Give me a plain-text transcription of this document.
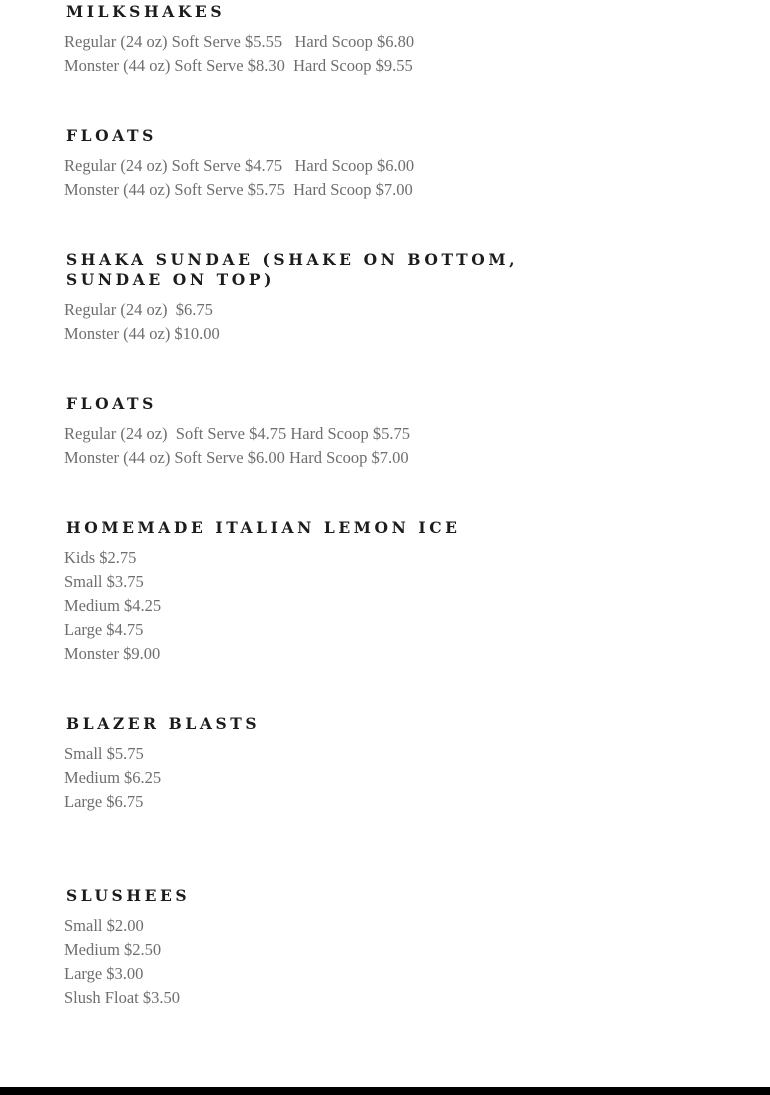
MILKSHAKES
Regular (24 oz) Soft Serve $5.55   Hard Scoop $6.80
Monster (44 oz) Soft Serve $8.30  Hard Scoop $9.55
FLOATS
Regular (24 oz) Soft Serve $4.75   Hard Scoop $6.00
Monster (44 oz) Soft Serve $5.75  Hard Scoop $7.00
SHAKA SUNDAE (SHAKE ON BOTTOM, SUNDAE ON TOP)
Regular (24 oz)  $6.75
Monster (44 oz) $10.00
FLOATS
Regular (24 oz)  Soft Serve $4.75 Hard Scoop $5.75
Monster (44 oz) Soft Serve $6.00 Hard Scoop $7.00
HOMEMADE ITALIAN LEMON ICE
Kids $2.75
Small $3.75
Medium $4.25
Large $4.75
Monster $9.00
BLAZER BLASTS
Small $5.75
Medium $6.25
Large $6.75
SLUSHEES
Small $2.00
Medium $2.50
Large $3.00
Slush Float $3.50
